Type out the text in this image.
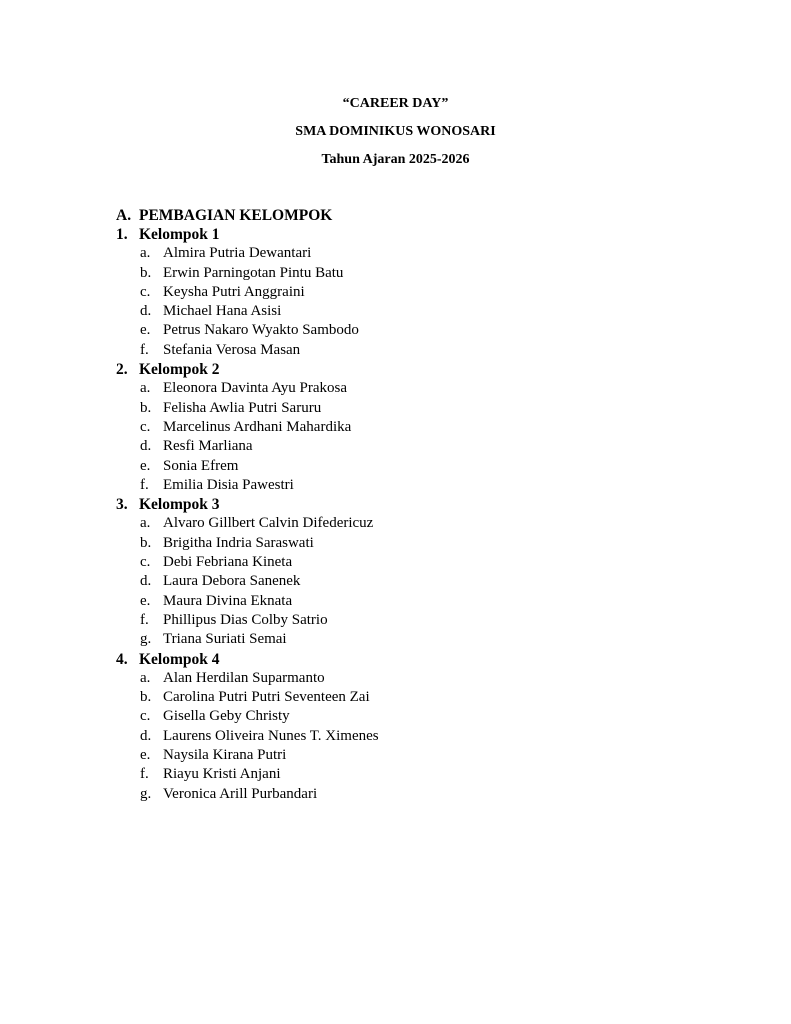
“CAREER DAY”
SMA DOMINIKUS WONOSARI
Tahun Ajaran 2025-2026
A. PEMBAGIAN KELOMPOK
1. Kelompok 1
a. Almira Putria Dewantari
b. Erwin Parningotan Pintu Batu
c. Keysha Putri Anggraini
d. Michael Hana Asisi
e. Petrus Nakaro Wyakto Sambodo
f. Stefania Verosa Masan
2. Kelompok 2
a. Eleonora Davinta Ayu Prakosa
b. Felisha Awlia Putri Saruru
c. Marcelinus Ardhani Mahardika
d. Resfi Marliana
e. Sonia Efrem
f. Emilia Disia Pawestri
3. Kelompok 3
a. Alvaro Gillbert Calvin Difedericuz
b. Brigitha Indria Saraswati
c. Debi Febriana Kineta
d. Laura Debora Sanenek
e. Maura Divina Eknata
f. Phillipus Dias Colby Satrio
g. Triana Suriati Semai
4. Kelompok 4
a. Alan Herdilan Suparmanto
b. Carolina Putri Putri Seventeen Zai
c. Gisella Geby Christy
d. Laurens Oliveira Nunes T. Ximenes
e. Naysila Kirana Putri
f. Riayu Kristi Anjani
g. Veronica Arill Purbandari
